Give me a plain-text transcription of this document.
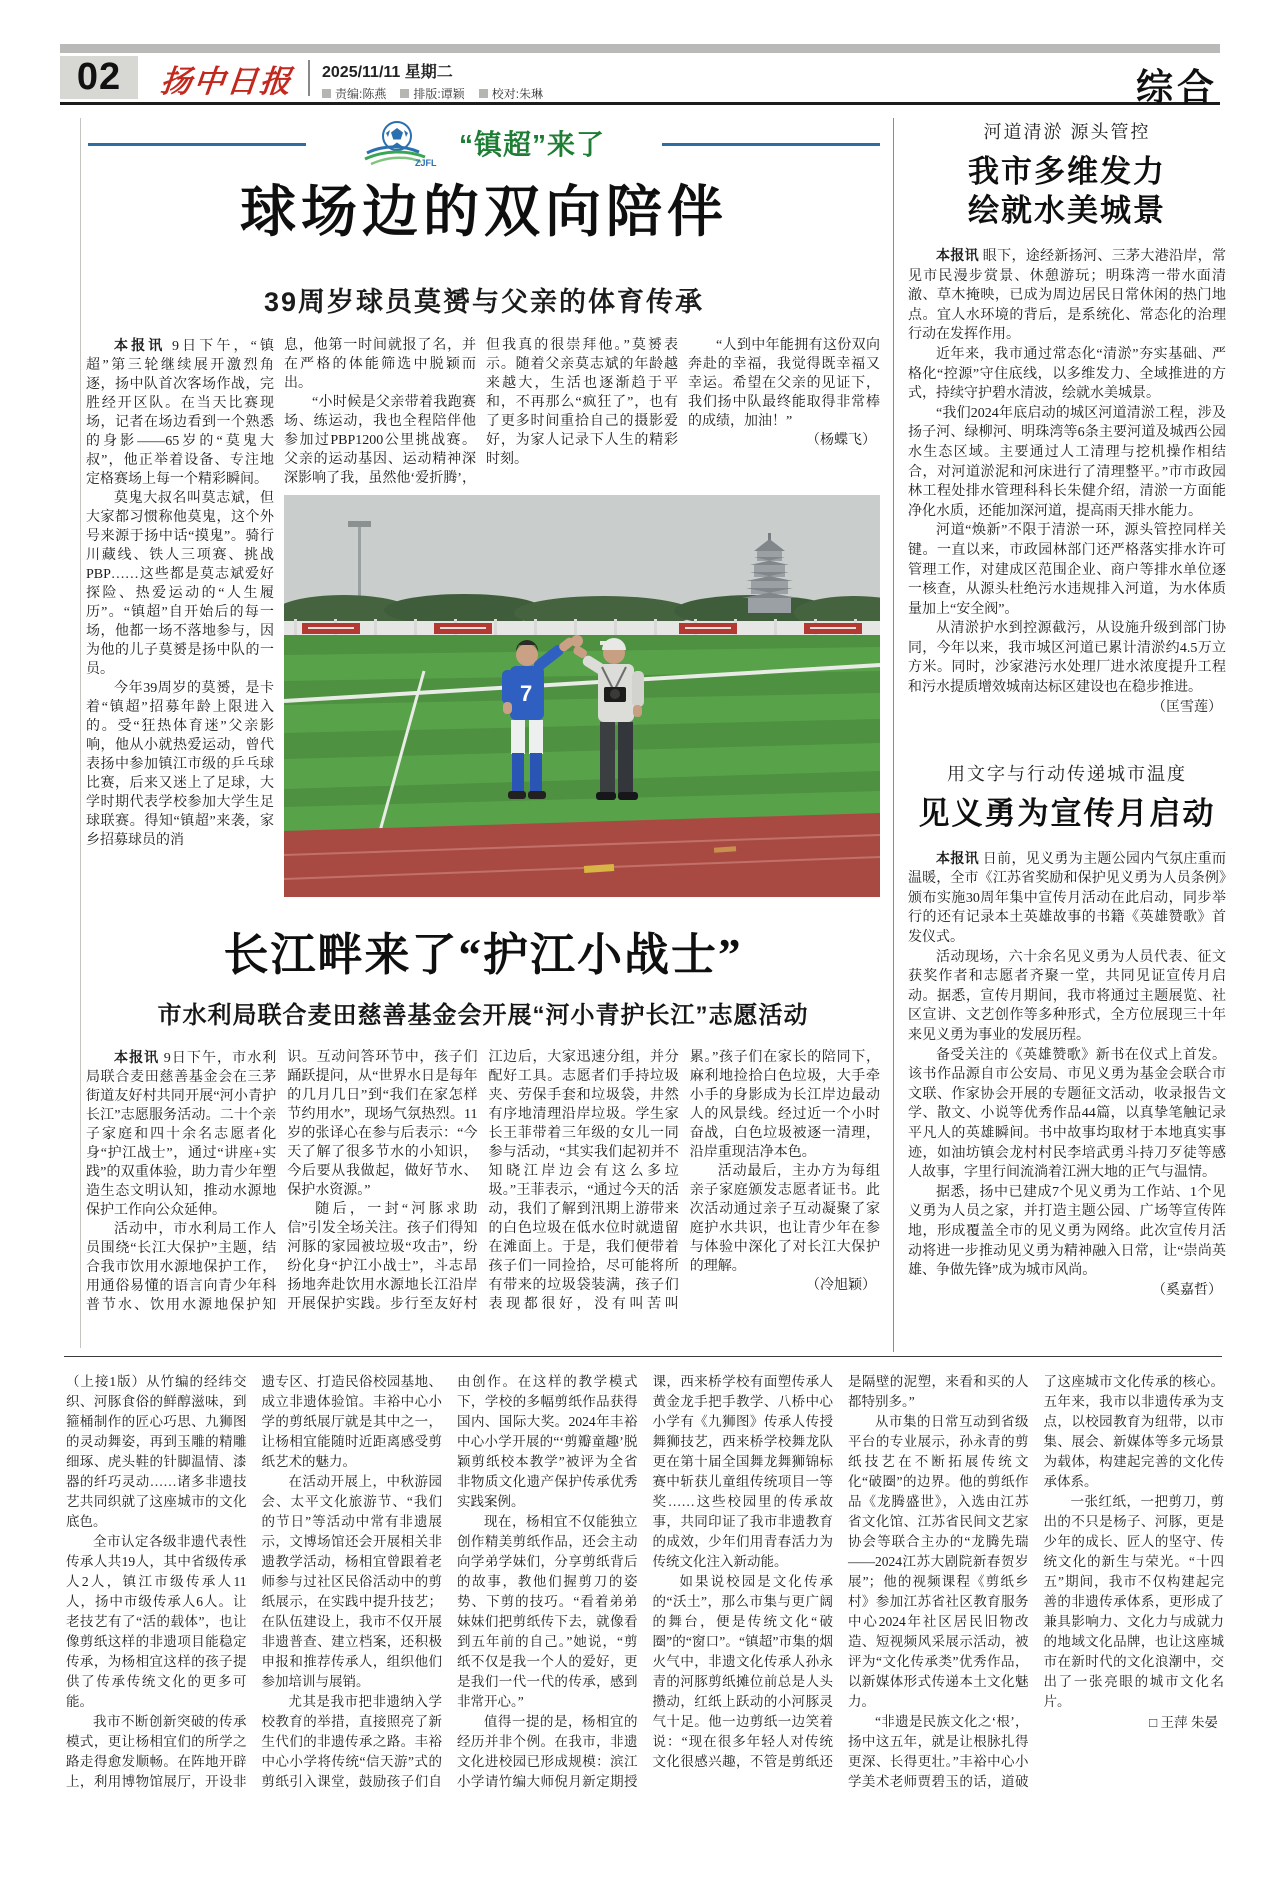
02 扬中日报	2025/11/11 星期二
责编:陈燕	排版:谭颖	校对:朱琳	综合
ZJFL
“镇超”来了
球场边的双向陪伴
39周岁球员莫赟与父亲的体育传承

本报讯 9日下午，“镇超”第三轮继续展开激烈角逐，扬中队首次客场作战，完胜经开区队。在当天比赛现场，记者在场边看到一个熟悉的身影——65岁的“莫鬼大叔”，他正举着设备、专注地定格赛场上每一个精彩瞬间。

莫鬼大叔名叫莫志斌，但大家都习惯称他莫鬼，这个外号来源于扬中话“摸鬼”。骑行川藏线、铁人三项赛、挑战PBP……这些都是莫志斌爱好探险、热爱运动的“人生履历”。“镇超”自开始后的每一场，他都一场不落地参与，因为他的儿子莫赟是扬中队的一员。

今年39周岁的莫赟，是卡着“镇超”招募年龄上限进入的。受“狂热体育迷”父亲影响，他从小就热爱运动，曾代表扬中参加镇江市级的乒乓球比赛，后来又迷上了足球，大学时期代表学校参加大学生足球联赛。得知“镇超”来袭，家乡招募球员的消

息，他第一时间就报了名，并在严格的体能筛选中脱颖而出。

“小时候是父亲带着我跑赛场、练运动，我也全程陪伴他参加过PBP1200公里挑战赛。父亲的运动基因、运动精神深深影响了我，虽然他‘爱折腾’，但我真的很崇拜他。”莫赟表示。随着父亲莫志斌的年龄越来越大，生活也逐渐趋于平和，不再那么“疯狂了”，也有了更多时间重拾自己的摄影爱好，为家人记录下人生的精彩时刻。

“人到中年能拥有这份双向奔赴的幸福，我觉得既幸福又幸运。希望在父亲的见证下，我们扬中队最终能取得非常棒的成绩，加油！”

（杨蝶飞）
7
长江畔来了“护江小战士”
市水利局联合麦田慈善基金会开展“河小青护长江”志愿活动

本报讯 9日下午，市水利局联合麦田慈善基金会在三茅街道友好村共同开展“河小青护长江”志愿服务活动。二十个亲子家庭和四十余名志愿者化身“护江战士”，通过“讲座+实践”的双重体验，助力青少年塑造生态文明认知，推动水源地保护工作向公众延伸。

活动中，市水利局工作人员围绕“长江大保护”主题，结合我市饮用水源地保护工作，用通俗易懂的语言向青少年科普节水、饮用水源地保护知识。互动问答环节中，孩子们踊跃提问，从“世界水日是每年的几月几日”到“我们在家怎样节约用水”，现场气氛热烈。11岁的张译心在参与后表示：“今天了解了很多节水的小知识，今后要从我做起，做好节水、保护水资源。”

随后，一封“河豚求助信”引发全场关注。孩子们得知河豚的家园被垃圾“攻击”，纷纷化身“护江小战士”，斗志昂扬地奔赴饮用水源地长江沿岸开展保护实践。步行至友好村江边后，大家迅速分组，并分配好工具。志愿者们手持垃圾夹、劳保手套和垃圾袋，井然有序地清理沿岸垃圾。学生家长王菲带着三年级的女儿一同参与活动，“其实我们起初并不知晓江岸边会有这么多垃圾。”王菲表示，“通过今天的活动，我们了解到汛期上游带来的白色垃圾在低水位时就遗留在滩面上。于是，我们便带着孩子们一同捡拾，尽可能将所有带来的垃圾袋装满，孩子们表现都很好，没有叫苦叫累。”孩子们在家长的陪同下，麻利地捡拾白色垃圾，大手牵小手的身影成为长江岸边最动人的风景线。经过近一个小时奋战，白色垃圾被逐一清理，沿岸重现洁净本色。

活动最后，主办方为每组亲子家庭颁发志愿者证书。此次活动通过亲子互动凝聚了家庭护水共识，也让青少年在参与体验中深化了对长江大保护的理解。

（冷旭颖）
河道清淤 源头管控
我市多维发力
绘就水美城景

本报讯 眼下，途经新扬河、三茅大港沿岸，常见市民漫步赏景、休憩游玩；明珠湾一带水面清澈、草木掩映，已成为周边居民日常休闲的热门地点。宜人水环境的背后，是系统化、常态化的治理行动在发挥作用。

近年来，我市通过常态化“清淤”夯实基础、严格化“控源”守住底线，以多维发力、全域推进的方式，持续守护碧水清波，绘就水美城景。

“我们2024年底启动的城区河道清淤工程，涉及扬子河、绿柳河、明珠湾等6条主要河道及城西公园水生态区域。主要通过人工清理与挖机操作相结合，对河道淤泥和河床进行了清理整平。”市市政园林工程处排水管理科科长朱健介绍，清淤一方面能净化水质，还能加深河道，提高雨天排水能力。

河道“焕新”不限于清淤一环，源头管控同样关键。一直以来，市政园林部门还严格落实排水许可管理工作，对建成区范围企业、商户等排水单位逐一核查，从源头杜绝污水违规排入河道，为水体质量加上“安全阀”。

从清淤护水到控源截污，从设施升级到部门协同，今年以来，我市城区河道已累计清淤约4.5万立方米。同时，沙家港污水处理厂进水浓度提升工程和污水提质增效城南达标区建设也在稳步推进。

（匡雪莲）
用文字与行动传递城市温度
见义勇为宣传月启动

本报讯 日前，见义勇为主题公园内气氛庄重而温暖，全市《江苏省奖励和保护见义勇为人员条例》颁布实施30周年集中宣传月活动在此启动，同步举行的还有记录本土英雄故事的书籍《英雄赞歌》首发仪式。

活动现场，六十余名见义勇为人员代表、征文获奖作者和志愿者齐聚一堂，共同见证宣传月启动。据悉，宣传月期间，我市将通过主题展览、社区宣讲、文艺创作等多种形式，全方位展现三十年来见义勇为事业的发展历程。

备受关注的《英雄赞歌》新书在仪式上首发。该书作品源自市公安局、市见义勇为基金会联合市文联、作家协会开展的专题征文活动，收录报告文学、散文、小说等优秀作品44篇，以真挚笔触记录平凡人的英雄瞬间。书中故事均取材于本地真实事迹，如油坊镇会龙村村民李培武勇斗持刀歹徒等感人故事，字里行间流淌着江洲大地的正气与温情。

据悉，扬中已建成7个见义勇为工作站、1个见义勇为人员之家，并打造主题公园、广场等宣传阵地，形成覆盖全市的见义勇为网络。此次宣传月活动将进一步推动见义勇为精神融入日常，让“崇尚英雄、争做先锋”成为城市风尚。

（奚嘉哲）

（上接1版）从竹编的经纬交织、河豚食俗的鲜醇滋味，到箍桶制作的匠心巧思、九狮图的灵动舞姿，再到玉雕的精雕细琢、虎头鞋的针脚温情、漆器的纤巧灵动……诸多非遗技艺共同织就了这座城市的文化底色。

全市认定各级非遗代表性传承人共19人，其中省级传承人2人，镇江市级传承人11人，扬中市级传承人6人。让老技艺有了“活的载体”，也让像剪纸这样的非遗项目能稳定传承，为杨相宜这样的孩子提供了传承传统文化的更多可能。

我市不断创新突破的传承模式，更让杨相宜们的所学之路走得愈发顺畅。在阵地开辟上，利用博物馆展厅，开设非遗专区、打造民俗校园基地、成立非遗体验馆。丰裕中心小学的剪纸展厅就是其中之一，让杨相宜能随时近距离感受剪纸艺术的魅力。

在活动开展上，中秋游园会、太平文化旅游节、“我们的节日”等活动中常有非遗展示，文博场馆还会开展相关非遗教学活动，杨相宜曾跟着老师参与过社区民俗活动中的剪纸展示，在实践中提升技艺；在队伍建设上，我市不仅开展非遗普查、建立档案，还积极申报和推荐传承人，组织他们参加培训与展销。

尤其是我市把非遗纳入学校教育的举措，直接照亮了新生代们的非遗传承之路。丰裕中心小学将传统“信天游”式的剪纸引入课堂，鼓励孩子们自由创作。在这样的教学模式下，学校的多幅剪纸作品获得国内、国际大奖。2024年丰裕中心小学开展的“‘剪瓣童趣’脱颖剪纸校本教学”被评为全省非物质文化遗产保护传承优秀实践案例。

现在，杨相宜不仅能独立创作精美剪纸作品，还会主动向学弟学妹们，分享剪纸背后的故事，教他们握剪刀的姿势、下剪的技巧。“看着弟弟妹妹们把剪纸传下去，就像看到五年前的自己。”她说，“剪纸不仅是我一个人的爱好，更是我们一代一代的传承，感到非常开心。”

值得一提的是，杨相宜的经历并非个例。在我市，非遗文化进校园已形成规模：滨江小学请竹编大师倪月新定期授课，西来桥学校有面塑传承人黄金龙手把手教学、八桥中心小学有《九狮图》传承人传授舞狮技艺，西来桥学校舞龙队更在第十届全国舞龙舞狮锦标赛中斩获儿童组传统项目一等奖……这些校园里的传承故事，共同印证了我市非遗教育的成效，少年们用青春活力为传统文化注入新动能。

如果说校园是文化传承的“沃土”，那么市集与更广阔的舞台，便是传统文化“破圈”的“窗口”。“镇超”市集的烟火气中，非遗文化传承人孙永青的河豚剪纸摊位前总是人头攒动，红纸上跃动的小河豚灵气十足。他一边剪纸一边笑着说：“现在很多年轻人对传统文化很感兴趣，不管是剪纸还是隔壁的泥塑，来看和买的人都特别多。”

从市集的日常互动到省级平台的专业展示，孙永青的剪纸技艺在不断拓展传统文化“破圈”的边界。他的剪纸作品《龙腾盛世》，入选由江苏省文化馆、江苏省民间文艺家协会等联合主办的“龙腾先瑞——2024江苏大剧院新春贺岁展”；他的视频课程《剪纸乡村》参加江苏省社区教育服务中心2024年社区居民旧物改造、短视频风采展示活动，被评为“文化传承类”优秀作品，以新媒体形式传递本土文化魅力。

“非遗是民族文化之‘根’，扬中这五年，就是让根脉扎得更深、长得更壮。”丰裕中心小学美术老师贾碧玉的话，道破了这座城市文化传承的核心。五年来，我市以非遗传承为支点，以校园教育为纽带，以市集、展会、新媒体等多元场景为载体，构建起完善的文化传承体系。

一张红纸，一把剪刀，剪出的不只是杨子、河豚，更是少年的成长、匠人的坚守、传统文化的新生与荣光。“十四五”期间，我市不仅构建起完善的非遗传承体系，更形成了兼具影响力、文化力与成就力的地域文化品牌，也让这座城市在新时代的文化浪潮中，交出了一张亮眼的城市文化名片。

□ 王萍 朱晏
